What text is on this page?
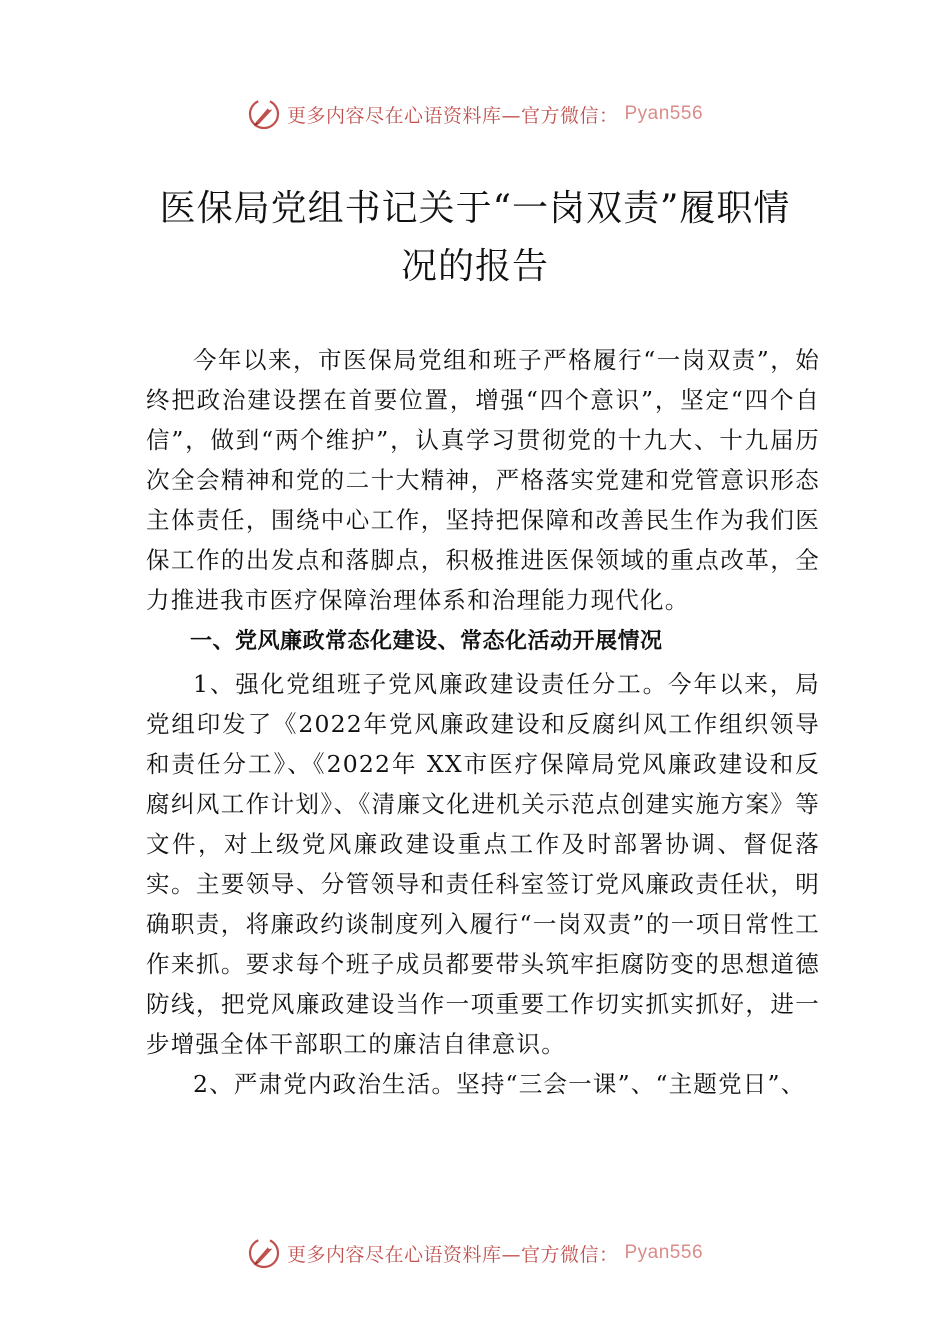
更多内容尽在心语资料库—官方微信： Pyan556
医保局党组书记关于“一岗双责”履职情
况的报告

今年以来，市医保局党组和班子严格履行“一岗双责”，始终把政治建设摆在首要位置，增强“四个意识”，坚定“四个自信”，做到“两个维护”，认真学习贯彻党的十九大、十九届历次全会精神和党的二十大精神，严格落实党建和党管意识形态主体责任，围绕中心工作，坚持把保障和改善民生作为我们医保工作的出发点和落脚点，积极推进医保领域的重点改革，全力推进我市医疗保障治理体系和治理能力现代化。

一、党风廉政常态化建设、常态化活动开展情况

1、强化党组班子党风廉政建设责任分工。今年以来，局党组印发了《2022年党风廉政建设和反腐纠风工作组织领导和责任分工》、《2022年 XX市医疗保障局党风廉政建设和反腐纠风工作计划》、《清廉文化进机关示范点创建实施方案》等文件，对上级党风廉政建设重点工作及时部署协调、督促落实。主要领导、分管领导和责任科室签订党风廉政责任状，明确职责，将廉政约谈制度列入履行“一岗双责”的一项日常性工作来抓。要求每个班子成员都要带头筑牢拒腐防变的思想道德防线，把党风廉政建设当作一项重要工作切实抓实抓好，进一步增强全体干部职工的廉洁自律意识。

2、严肃党内政治生活。坚持“三会一课”、“主题党日”、

更多内容尽在心语资料库—官方微信： Pyan556
